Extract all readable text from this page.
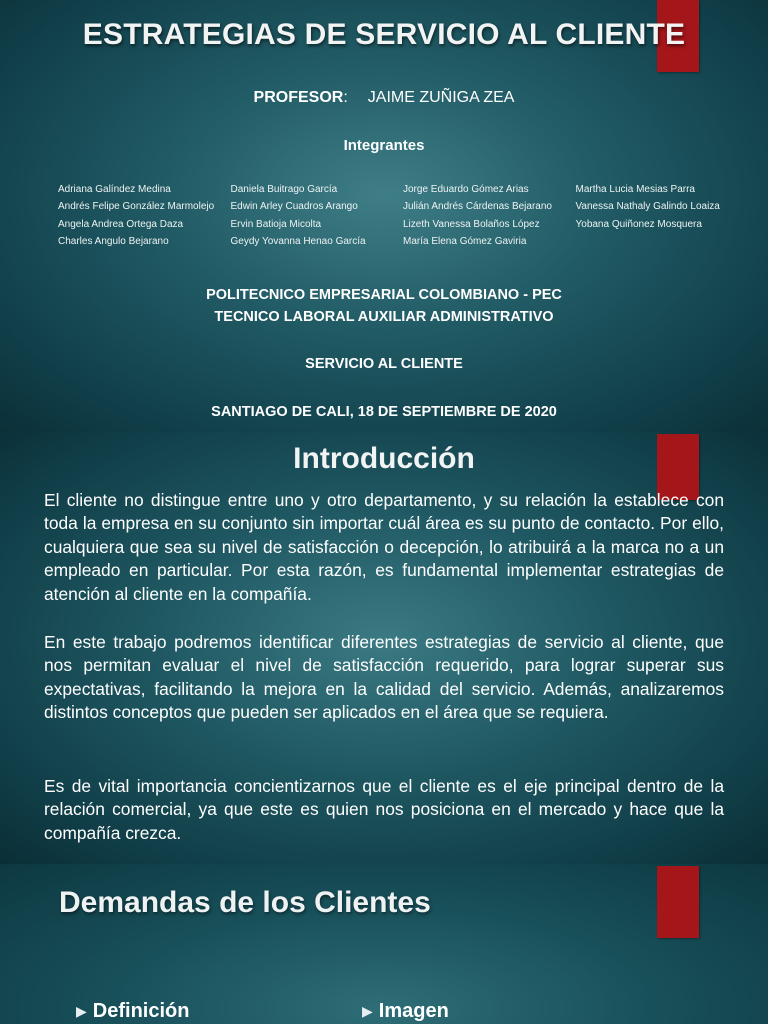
ESTRATEGIAS DE SERVICIO AL CLIENTE
PROFESOR: JAIME ZUÑIGA ZEA
Integrantes
Adriana Galíndez Medina
Andrés Felipe González Marmolejo
Angela Andrea Ortega Daza
Charles Angulo Bejarano
Daniela Buitrago García
Edwin Arley Cuadros Arango
Ervin Batioja Micolta
Geydy Yovanna Henao García
Jorge Eduardo Gómez Arias
Julián Andrés Cárdenas Bejarano
Lizeth Vanessa Bolaños López
María Elena Gómez Gaviria
Martha Lucia Mesias Parra
Vanessa Nathaly Galindo Loaiza
Yobana Quiñonez Mosquera
POLITECNICO EMPRESARIAL COLOMBIANO - PEC
TECNICO LABORAL AUXILIAR ADMINISTRATIVO
SERVICIO AL CLIENTE
SANTIAGO DE CALI, 18 DE SEPTIEMBRE DE 2020
Introducción
El cliente no distingue entre uno y otro departamento, y su relación la establece con toda la empresa en su conjunto sin importar cuál área es su punto de contacto. Por ello, cualquiera que sea su nivel de satisfacción o decepción, lo atribuirá a la marca no a un empleado en particular. Por esta razón, es fundamental implementar estrategias de atención al cliente en la compañía.
En este trabajo podremos identificar diferentes estrategias de servicio al cliente, que nos permitan evaluar el nivel de satisfacción requerido, para lograr superar sus expectativas, facilitando la mejora en la calidad del servicio. Además, analizaremos distintos conceptos que pueden ser aplicados en el área que se requiera.
Es de vital importancia concientizarnos que el cliente es el eje principal dentro de la relación comercial, ya que este es quien nos posiciona en el mercado y hace que la compañía crezca.
Demandas de los Clientes
▶ Definición	▶ Imagen
